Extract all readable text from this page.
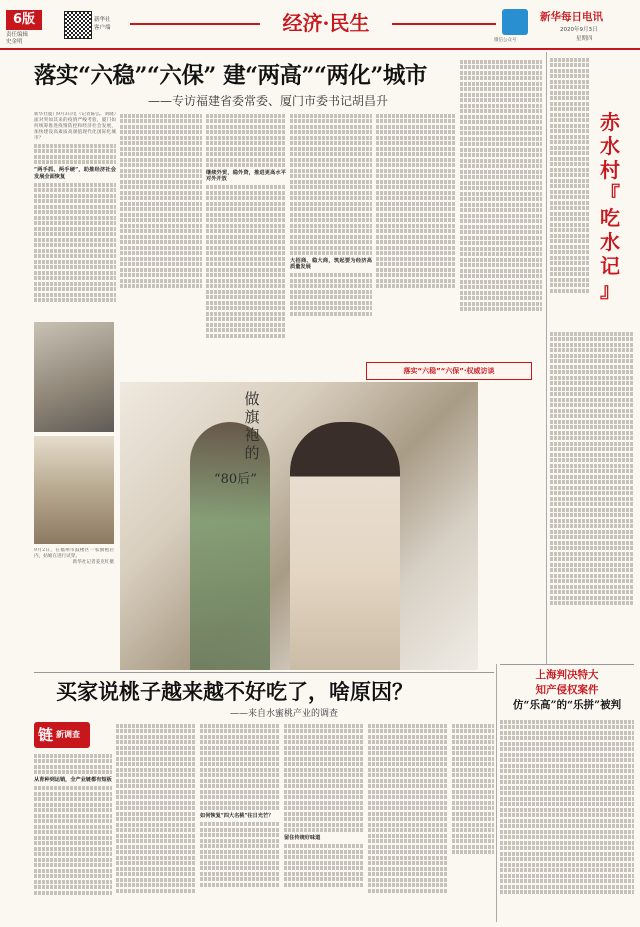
6版
责任编辑
史金明
新华社
客户端	经济·民生
微信公众号
新华每日电讯
2020年9月3日
星期四
落实“六稳”“六保” 建“两高”“两化”城市
——专访福建省委常委、厦门市委书记胡昌升
新华社厦门9月3日电（记者陈弘、刘晓）面对突如其来的疫情严峻考验，厦门如何统筹推进疫情防控和经济社会发展，加快建设高素质高颜值现代化国际化城市？
“两手抓、两手硬”，助推经济社会发展全面恢复
继续外贸，稳外资，推进更高水平对外开放
大招商、稳大商，筑起要为经济高质量发展
落实“六稳”“六保”·权威访谈
9月2日，在福州市鼓楼区一家旗袍店内，姑娘在进行试穿。
新华社记者姜克红摄
做
旗
袍
的
“80后”
赤
水
村
『
吃
水
记
』
上海判决特大
知产侵权案件
仿“乐高”的“乐拼”被判
买家说桃子越来越不好吃了，啥原因？
——来自水蜜桃产业的调查
链 新调查
从育种到运销，全产业链都有短板
如何恢复“四大名桃”往日光芒？
留住传统好味道
